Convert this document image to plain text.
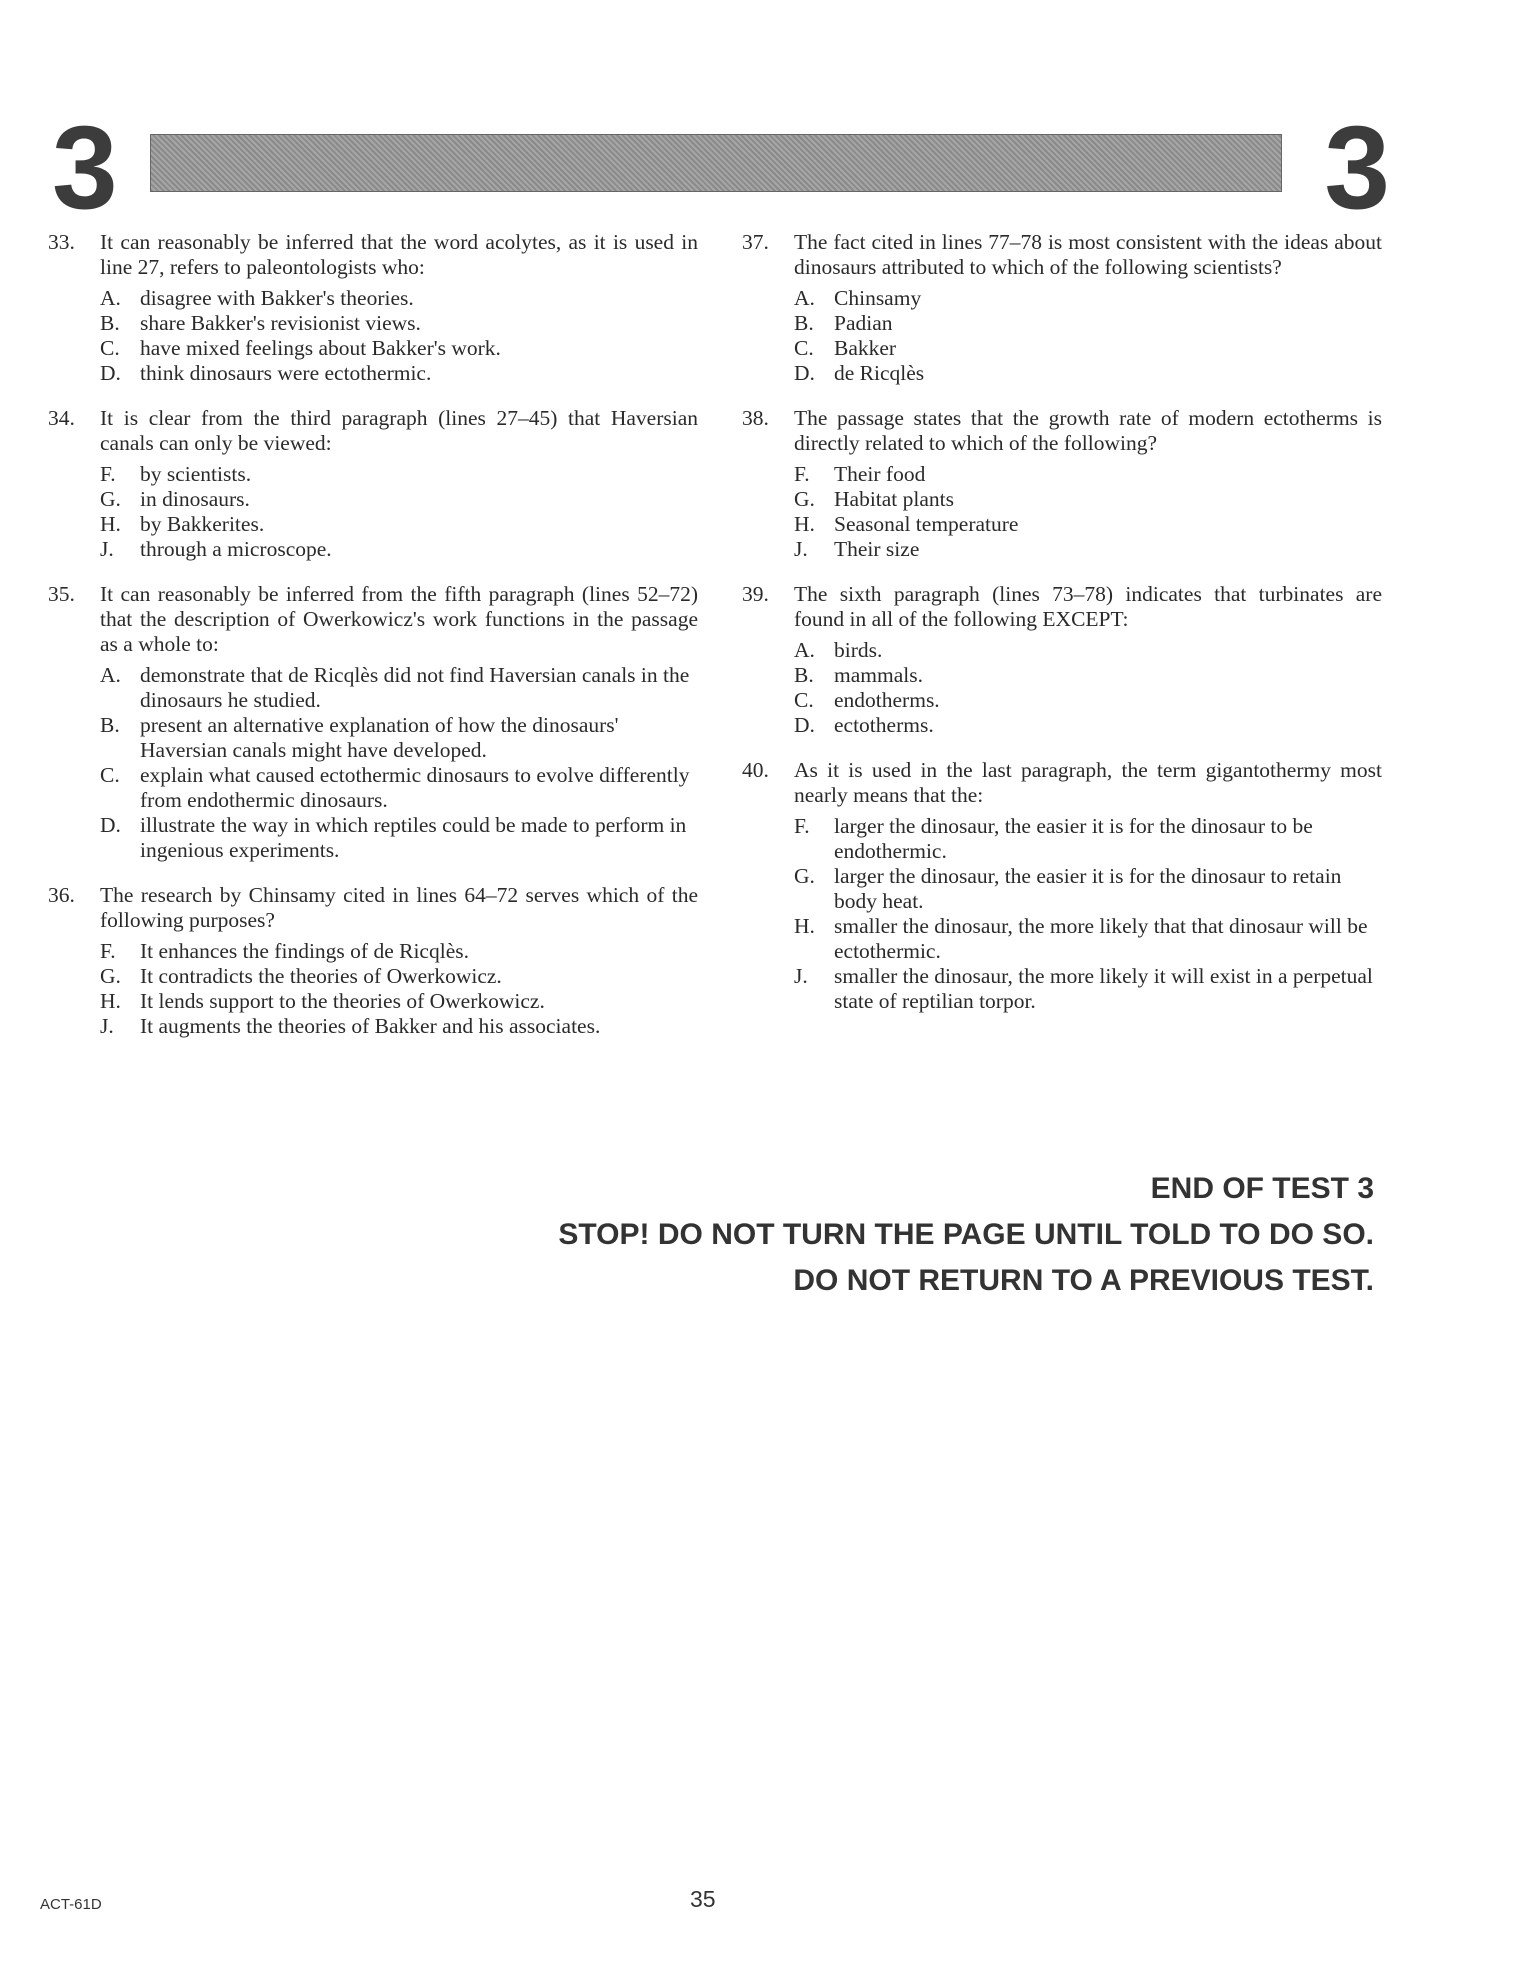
3	3
33.	It can reasonably be inferred that the word acolytes, as it is used in line 27, refers to paleontologists who:
A. disagree with Bakker's theories.
B. share Bakker's revisionist views.
C. have mixed feelings about Bakker's work.
D. think dinosaurs were ectothermic.
34.	It is clear from the third paragraph (lines 27–45) that Haversian canals can only be viewed:
F.	by scientists.
G. in dinosaurs.
H. by Bakkerites.
J.	through a microscope.
35.	It can reasonably be inferred from the fifth paragraph (lines 52–72) that the description of Owerkowicz's work functions in the passage as a whole to:
A. demonstrate that de Ricqlès did not find Haversian canals in the dinosaurs he studied.
B. present an alternative explanation of how the dinosaurs' Haversian canals might have developed.
C. explain what caused ectothermic dinosaurs to evolve differently from endothermic dinosaurs.
D. illustrate the way in which reptiles could be made to perform in ingenious experiments.
36.	The research by Chinsamy cited in lines 64–72 serves which of the following purposes?
F.	It enhances the findings of de Ricqlès.
G. It contradicts the theories of Owerkowicz.
H. It lends support to the theories of Owerkowicz.
J.	It augments the theories of Bakker and his associates.
37.	The fact cited in lines 77–78 is most consistent with the ideas about dinosaurs attributed to which of the following scientists?
A. Chinsamy
B. Padian
C. Bakker
D. de Ricqlès
38.	The passage states that the growth rate of modern ectotherms is directly related to which of the following?
F.	Their food
G. Habitat plants
H. Seasonal temperature
J.	Their size
39.	The sixth paragraph (lines 73–78) indicates that turbinates are found in all of the following EXCEPT:
A. birds.
B. mammals.
C. endotherms.
D. ectotherms.
40.	As it is used in the last paragraph, the term gigantothermy most nearly means that the:
F.	larger the dinosaur, the easier it is for the dinosaur to be endothermic.
G. larger the dinosaur, the easier it is for the dinosaur to retain body heat.
H. smaller the dinosaur, the more likely that that dinosaur will be ectothermic.
J.	smaller the dinosaur, the more likely it will exist in a perpetual state of reptilian torpor.
END OF TEST 3
STOP! DO NOT TURN THE PAGE UNTIL TOLD TO DO SO.
DO NOT RETURN TO A PREVIOUS TEST.
ACT-61D	35
